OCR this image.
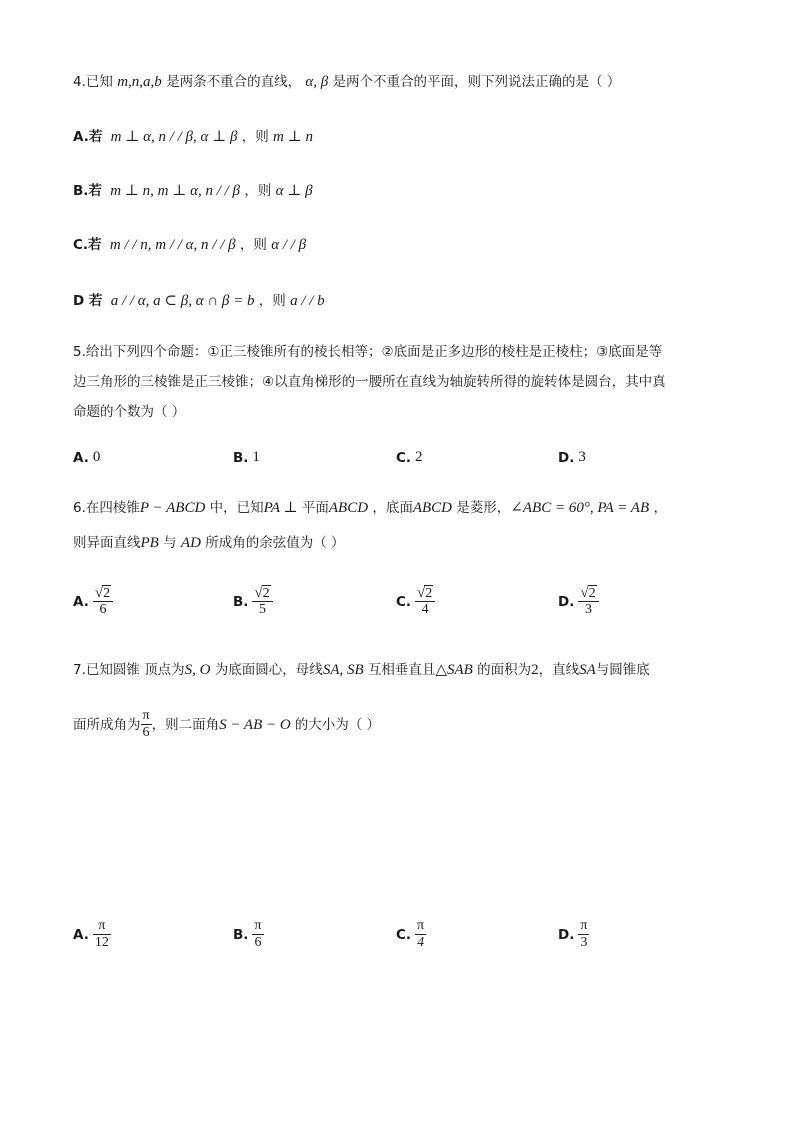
4.已知 m,n,a,b 是两条不重合的直线， α, β 是两个不重合的平面，则下列说法正确的是（ ）
A.若 m ⊥ α, n / / β, α ⊥ β ，则 m ⊥ n
B.若 m ⊥ n, m ⊥ α, n / / β ，则 α ⊥ β
C.若 m / / n, m / / α, n / / β ，则 α / / β
D 若 a / / α, a ⊂ β, α ∩ β = b ，则 a / / b
5.给出下列四个命题：①正三棱锥所有的棱长相等；②底面是正多边形的棱柱是正棱柱；③底面是等
边三角形的三棱锥是正三棱锥；④以直角梯形的一腰所在直线为轴旋转所得的旋转体是圆台，其中真
命题的个数为（ ）
A. 0	B. 1	C. 2	D. 3
6.在四棱锥P − ABCD 中，已知PA ⊥ 平面ABCD ，底面ABCD 是菱形，∠ABC = 60°, PA = AB ，
则异面直线PB 与 AD 所成角的余弦值为（ ）
A. $\frac{√ 2}{6}$	B. $\frac{√ 2}{5}$	C. $\frac{√ 2}{4}$	D. $\frac{√ 2}{3}$
7.已知圆锥 顶点为S, O 为底面圆心，母线SA, SB 互相垂直且△SAB 的面积为2，直线SA与圆锥底
面所成角为 $\frac{\pi}{6}$ ，则二面角 S − AB − O 的大小为（ ）
A. $\frac{\pi}{12}$	B. $\frac{\pi}{6}$	C. $\frac{\pi}{4}$	D. $\frac{\pi}{3}$
